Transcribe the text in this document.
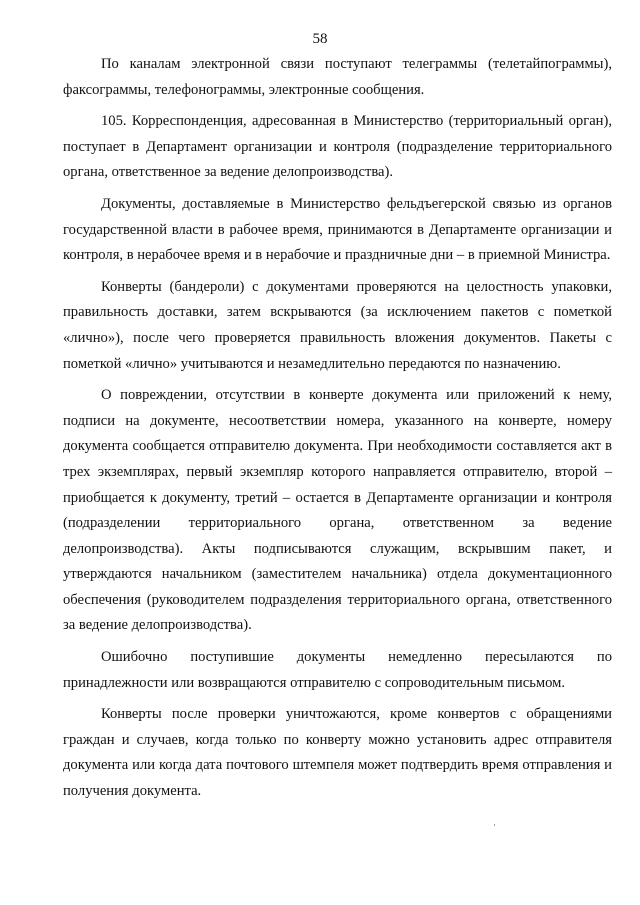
58

По каналам электронной связи поступают телеграммы (телетайпограммы), факсограммы, телефонограммы, электронные сообщения.

105. Корреспонденция, адресованная в Министерство (территориальный орган), поступает в Департамент организации и контроля (подразделение территориального органа, ответственное за ведение делопроизводства).

Документы, доставляемые в Министерство фельдъегерской связью из органов государственной власти в рабочее время, принимаются в Департаменте организации и контроля, в нерабочее время и в нерабочие и праздничные дни – в приемной Министра.

Конверты (бандероли) с документами проверяются на целостность упаковки, правильность доставки, затем вскрываются (за исключением пакетов с пометкой «лично»), после чего проверяется правильность вложения документов. Пакеты с пометкой «лично» учитываются и незамедлительно передаются по назначению.

О повреждении, отсутствии в конверте документа или приложений к нему, подписи на документе, несоответствии номера, указанного на конверте, номеру документа сообщается отправителю документа. При необходимости составляется акт в трех экземплярах, первый экземпляр которого направляется отправителю, второй – приобщается к документу, третий – остается в Департаменте организации и контроля (подразделении территориального органа, ответственном за ведение делопроизводства). Акты подписываются служащим, вскрывшим пакет, и утверждаются начальником (заместителем начальника) отдела документационного обеспечения (руководителем подразделения территориального органа, ответственного за ведение делопроизводства).

Ошибочно поступившие документы немедленно пересылаются по принадлежности или возвращаются отправителю с сопроводительным письмом.

Конверты после проверки уничтожаются, кроме конвертов с обращениями граждан и случаев, когда только по конверту можно установить адрес отправителя документа или когда дата почтового штемпеля может подтвердить время отправления и получения документа.
